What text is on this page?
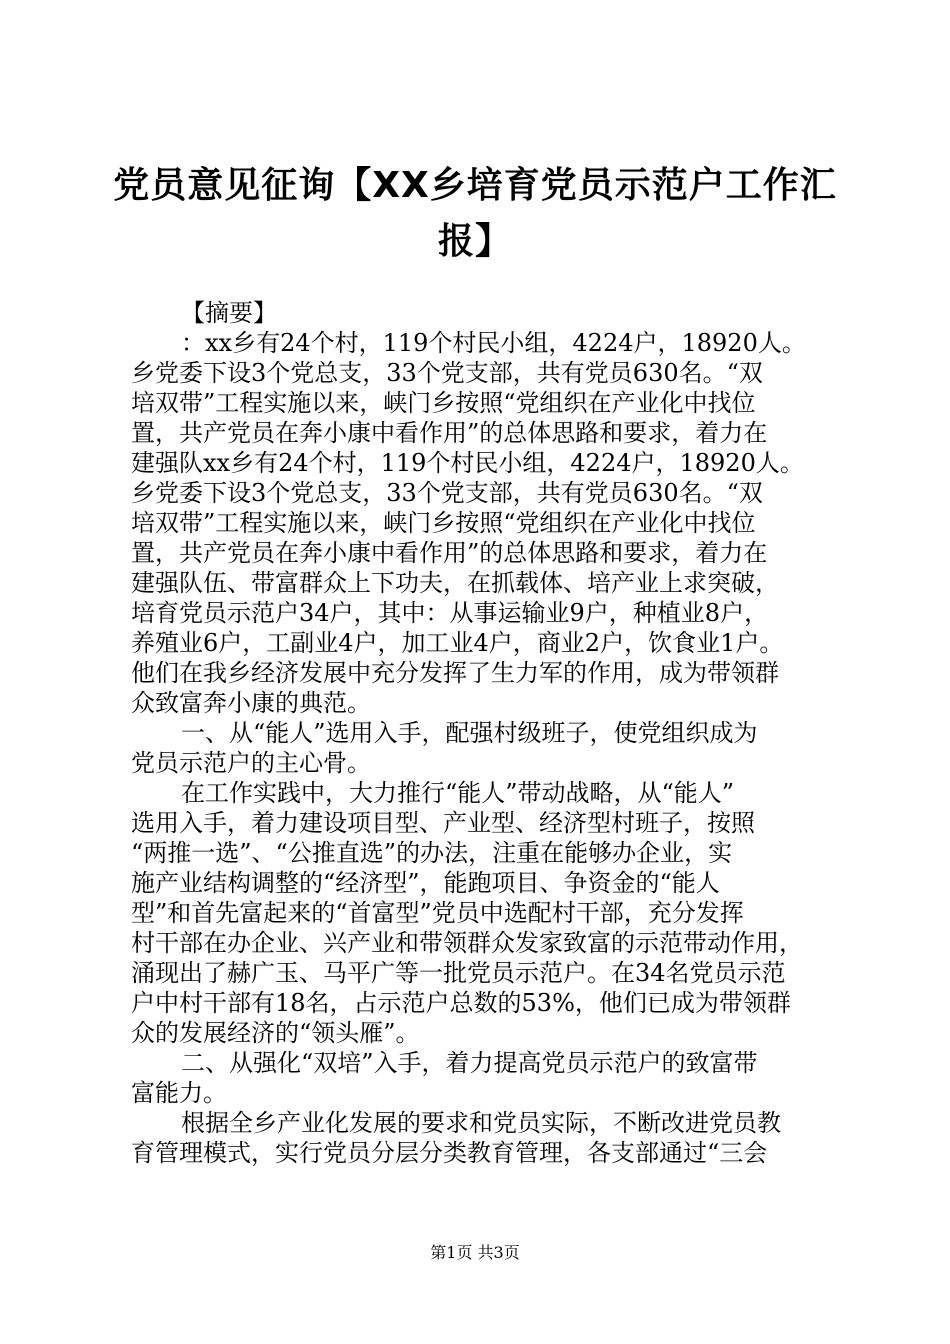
党员意见征询【XX乡培育党员示范户工作汇
报】
【摘要】
：xx乡有24个村，119个村民小组，4224户，18920人。
乡党委下设3个党总支，33个党支部，共有党员630名。“双
培双带”工程实施以来，峡门乡按照“党组织在产业化中找位
置，共产党员在奔小康中看作用”的总体思路和要求，着力在
建强队xx乡有24个村，119个村民小组，4224户，18920人。
乡党委下设3个党总支，33个党支部，共有党员630名。“双
培双带”工程实施以来，峡门乡按照“党组织在产业化中找位
置，共产党员在奔小康中看作用”的总体思路和要求，着力在
建强队伍、带富群众上下功夫，在抓载体、培产业上求突破，
培育党员示范户34户，其中：从事运输业9户，种植业8户，
养殖业6户，工副业4户，加工业4户，商业2户，饮食业1户。
他们在我乡经济发展中充分发挥了生力军的作用，成为带领群
众致富奔小康的典范。
一、从“能人”选用入手，配强村级班子，使党组织成为
党员示范户的主心骨。
在工作实践中，大力推行“能人”带动战略，从“能人”
选用入手，着力建设项目型、产业型、经济型村班子，按照
“两推一选”、“公推直选”的办法，注重在能够办企业，实
施产业结构调整的“经济型”，能跑项目、争资金的“能人
型”和首先富起来的“首富型”党员中选配村干部，充分发挥
村干部在办企业、兴产业和带领群众发家致富的示范带动作用，
涌现出了赫广玉、马平广等一批党员示范户。在34名党员示范
户中村干部有18名，占示范户总数的53%，他们已成为带领群
众的发展经济的“领头雁”。
二、从强化“双培”入手，着力提高党员示范户的致富带
富能力。
根据全乡产业化发展的要求和党员实际，不断改进党员教
育管理模式，实行党员分层分类教育管理，各支部通过“三会
第1页 共3页
